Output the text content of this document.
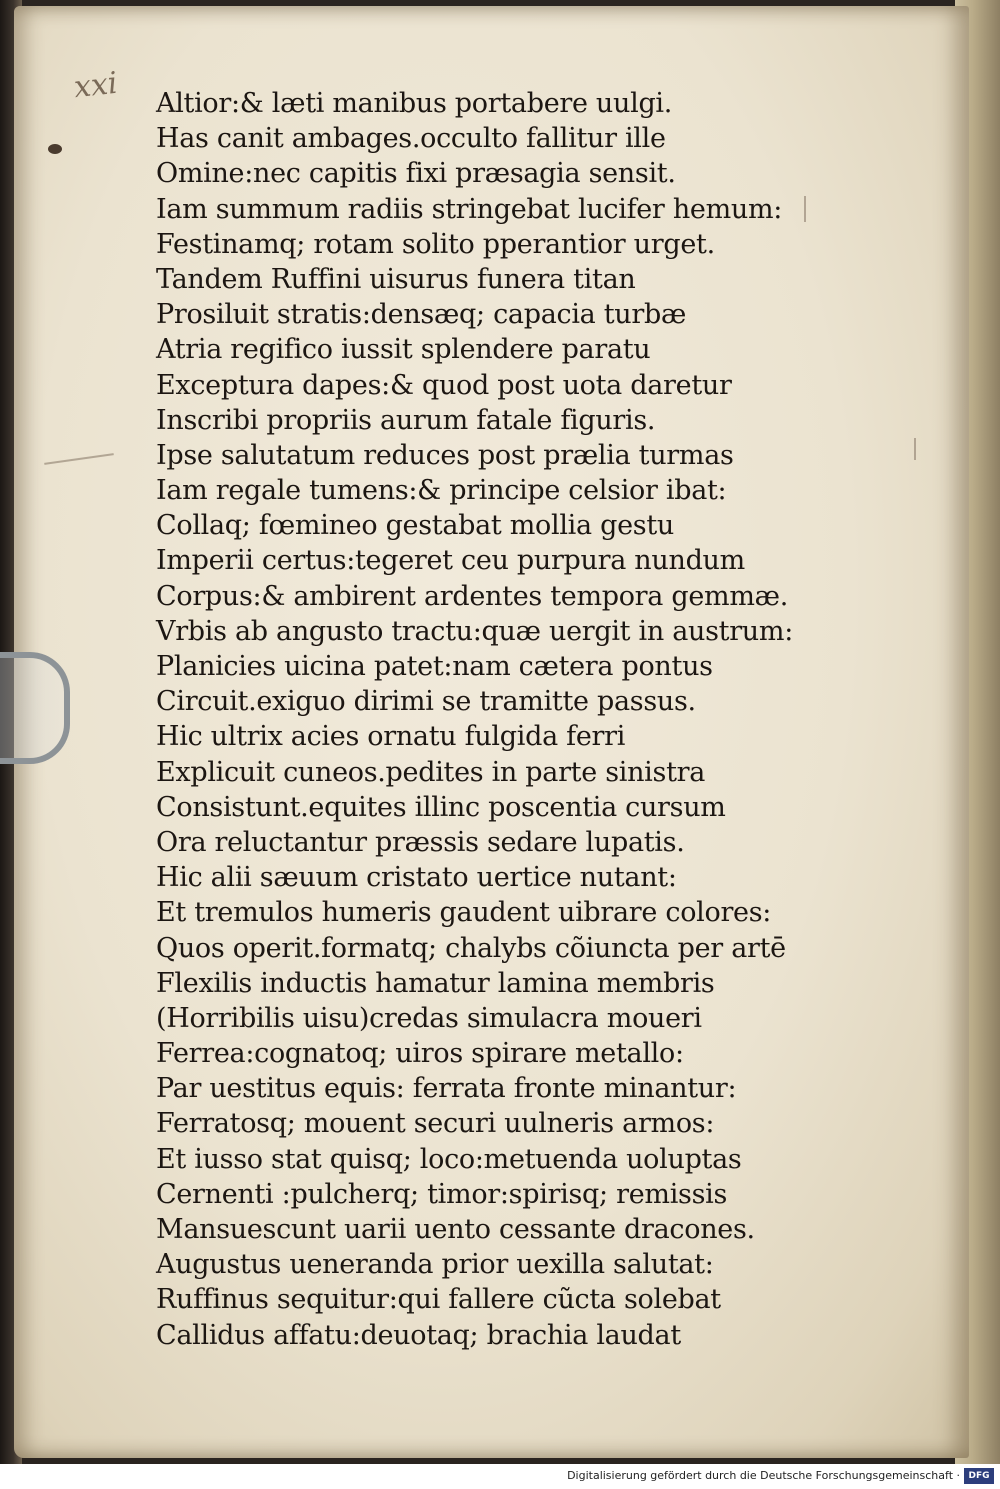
xxi Altior:& læti manibus portabere uulgi.
Has canit ambages.occulto fallitur ille
Omine:nec capitis fixi præsagia sensit.
Iam summum radiis stringebat lucifer hemum:
Festinamq; rotam solito pperantior urget.
Tandem Ruffini uisurus funera titan
Prosiluit stratis:densæq; capacia turbæ
Atria regifico iussit splendere paratu
Exceptura dapes:& quod post uota daretur
Inscribi propriis aurum fatale figuris.
Ipse salutatum reduces post prælia turmas
Iam regale tumens:& principe celsior ibat:
Collaq; fœmineo gestabat mollia gestu
Imperii certus:tegeret ceu purpura nundum
Corpus:& ambirent ardentes tempora gemmæ.
Vrbis ab angusto tractu:quæ uergit in austrum:
Planicies uicina patet:nam cætera pontus
Circuit.exiguo dirimi se tramitte passus.
Hic ultrix acies ornatu fulgida ferri
Explicuit cuneos.pedites in parte sinistra
Consistunt.equites illinc poscentia cursum
Ora reluctantur præssis sedare lupatis.
Hic alii sæuum cristato uertice nutant:
Et tremulos humeris gaudent uibrare colores:
Quos operit.formatq; chalybs cõiuncta per artē
Flexilis inductis hamatur lamina membris
(Horribilis uisu)credas simulacra moueri
Ferrea:cognatoq; uiros spirare metallo:
Par uestitus equis: ferrata fronte minantur:
Ferratosq; mouent securi uulneris armos:
Et iusso stat quisq; loco:metuenda uoluptas
Cernenti :pulcherq; timor:spirisq; remissis
Mansuescunt uarii uento cessante dracones.
Augustus ueneranda prior uexilla salutat:
Ruffinus sequitur:qui fallere cũcta solebat
Callidus affatu:deuotaq; brachia laudat
Digitalisierung gefördert durch die Deutsche Forschungsgemeinschaft · DFG
